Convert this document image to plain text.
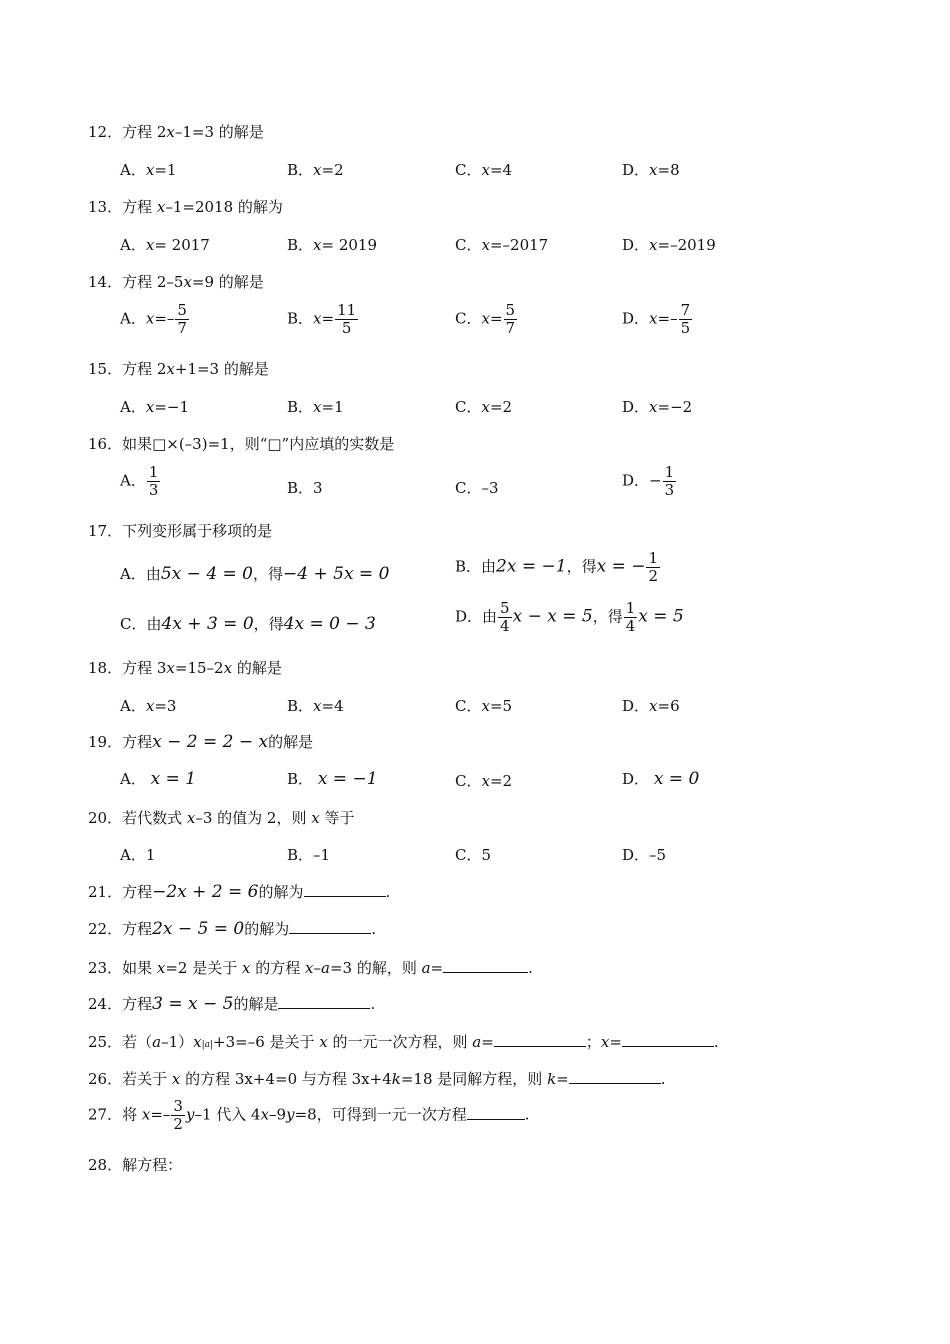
12．方程 2x–1=3 的解是
A．x=1	B．x=2	C．x=4	D．x=8
13．方程 x–1=2018 的解为
A．x= 2017	B．x= 2019	C．x=–2017	D．x=–2019
14．方程 2–5x=9 的解是
A．$x=- \frac{5}{7}$	B．$x= \frac{11}{5}$	C．$x= \frac{5}{7}$	D．$x=- \frac{7}{5}$
15．方程 2x+1=3 的解是
A．x=−1	B．x=1	C．x=2	D．x=−2
16．如果□×(–3)=1，则“□”内应填的实数是
A． $\frac{1}{3}$	B．3	C．–3	D．− $\frac{1}{3}$
17．下列变形属于移项的是
A．由5x − 4 = 0，得−4 + 5x = 0	B．由2x = −1，得x = − $\frac{1}{2}$
C．由4x + 3 = 0，得4x = 0 − 3	D．由 $\frac{5}{4}$ x − x = 5，得 $\frac{1}{4}$ x = 5
18．方程 3x=15–2x 的解是
A．x=3	B．x=4	C．x=5	D．x=6
19．方程x − 2 = 2 − x的解是
A． x = 1	B． x = −1	C．x=2	D． x = 0
20．若代数式 x–3 的值为 2，则 x 等于
A．1	B．–1	C．5	D．–5
21．方程−2x + 2 = 6的解为	.
22．方程2x − 5 = 0的解为	.
23．如果 x=2 是关于 x 的方程 x–a=3 的解，则 a=	.
24．方程3 = x − 5的解是	.
25．若（a–1）x|a|+3=–6 是关于 x 的一元一次方程，则 a=	；x=	.
26．若关于 x 的方程 3x+4=0 与方程 3x+4k=18 是同解方程，则 k=	.
27．将 $x=- \frac{3}{2} y-1$ 代入 4x–9y=8，可得到一元一次方程	.
28．解方程：
